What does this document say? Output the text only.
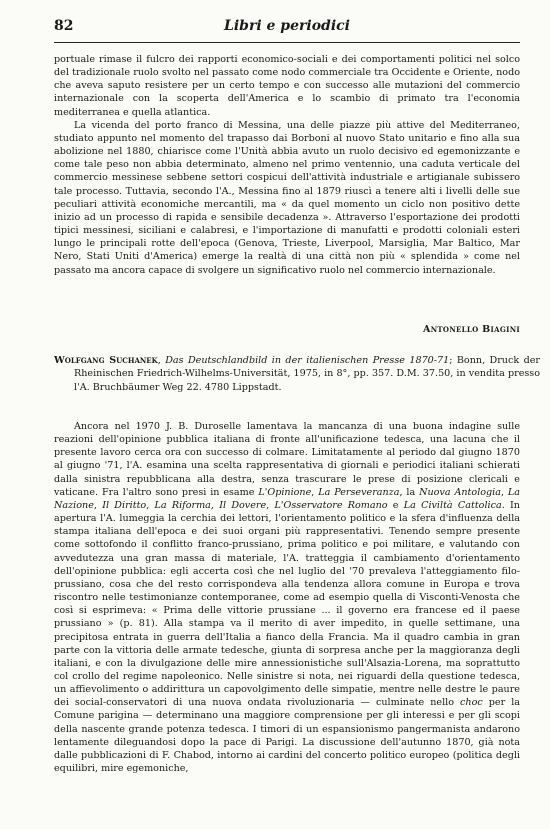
82	Libri e periodici

portuale rimase il fulcro dei rapporti economico-sociali e dei comportamenti politici nel solco del tradizionale ruolo svolto nel passato come nodo commerciale tra Occidente e Oriente, nodo che aveva saputo resistere per un certo tempo e con successo alle mutazioni del commercio internazionale con la scoperta dell'America e lo scambio di primato tra l'economia mediterranea e quella atlantica.

La vicenda del porto franco di Messina, una delle piazze più attive del Mediterraneo, studiato appunto nel momento del trapasso dai Borboni al nuovo Stato unitario e fino alla sua abolizione nel 1880, chiarisce come l'Unità abbia avuto un ruolo decisivo ed egemonizzante e come tale peso non abbia determinato, almeno nel primo ventennio, una caduta verticale del commercio messinese sebbene settori cospicui dell'attività industriale e artigianale subissero tale processo. Tuttavia, secondo l'A., Messina fino al 1879 riuscì a tenere alti i livelli delle sue peculiari attività economiche mercantili, ma « da quel momento un ciclo non positivo dette inizio ad un processo di rapida e sensibile decadenza ». Attraverso l'esportazione dei prodotti tipici messinesi, siciliani e calabresi, e l'importazione di manufatti e prodotti coloniali esteri lungo le principali rotte dell'epoca (Genova, Trieste, Liverpool, Marsiglia, Mar Baltico, Mar Nero, Stati Uniti d'America) emerge la realtà di una città non più « splendida » come nel passato ma ancora capace di svolgere un significativo ruolo nel commercio internazionale.

Antonello Biagini
Wolfgang Suchanek, Das Deutschlandbild in der italienischen Presse 1870-71; Bonn, Druck der Rheinischen Friedrich-Wilhelms-Universität, 1975, in 8°, pp. 357. D.M. 37.50, in vendita presso l'A. Bruchbäumer Weg 22. 4780 Lippstadt.

Ancora nel 1970 J. B. Duroselle lamentava la mancanza di una buona indagine sulle reazioni dell'opinione pubblica italiana di fronte all'unificazione tedesca, una lacuna che il presente lavoro cerca ora con successo di colmare. Limitatamente al periodo dal giugno 1870 al giugno '71, l'A. esamina una scelta rappresentativa di giornali e periodici italiani schierati dalla sinistra repubblicana alla destra, senza trascurare le prese di posizione clericali e vaticane. Fra l'altro sono presi in esame L'Opinione, La Perseveranza, la Nuova Antologia, La Nazione, Il Diritto, La Riforma, Il Dovere, L'Osservatore Romano e La Civiltà Cattolica. In apertura l'A. lumeggia la cerchia dei lettori, l'orientamento politico e la sfera d'influenza della stampa italiana dell'epoca e dei suoi organi più rappresentativi. Tenendo sempre presente come sottofondo il conflitto franco-prussiano, prima politico e poi militare, e valutando con avvedutezza una gran massa di materiale, l'A. tratteggia il cambiamento d'orientamento dell'opinione pubblica: egli accerta così che nel luglio del '70 prevaleva l'atteggiamento filo-prussiano, cosa che del resto corrispondeva alla tendenza allora comune in Europa e trova riscontro nelle testimonianze contemporanee, come ad esempio quella di Visconti-Venosta che così si esprimeva: « Prima delle vittorie prussiane ... il governo era francese ed il paese prussiano » (p. 81). Alla stampa va il merito di aver impedito, in quelle settimane, una precipitosa entrata in guerra dell'Italia a fianco della Francia. Ma il quadro cambia in gran parte con la vittoria delle armate tedesche, giunta di sorpresa anche per la maggioranza degli italiani, e con la divulgazione delle mire annessionistiche sull'Alsazia-Lorena, ma soprattutto col crollo del regime napoleonico. Nelle sinistre si nota, nei riguardi della questione tedesca, un affievolimento o addirittura un capovolgimento delle simpatie, mentre nelle destre le paure dei social-conservatori di una nuova ondata rivoluzionaria — culminate nello choc per la Comune parigina — determinano una maggiore comprensione per gli interessi e per gli scopi della nascente grande potenza tedesca. I timori di un espansionismo pangermanista andarono lentamente dileguandosi dopo la pace di Parigi. La discussione dell'autunno 1870, già nota dalle pubblicazioni di F. Chabod, intorno ai cardini del concerto politico europeo (politica degli equilibri, mire egemoniche,
